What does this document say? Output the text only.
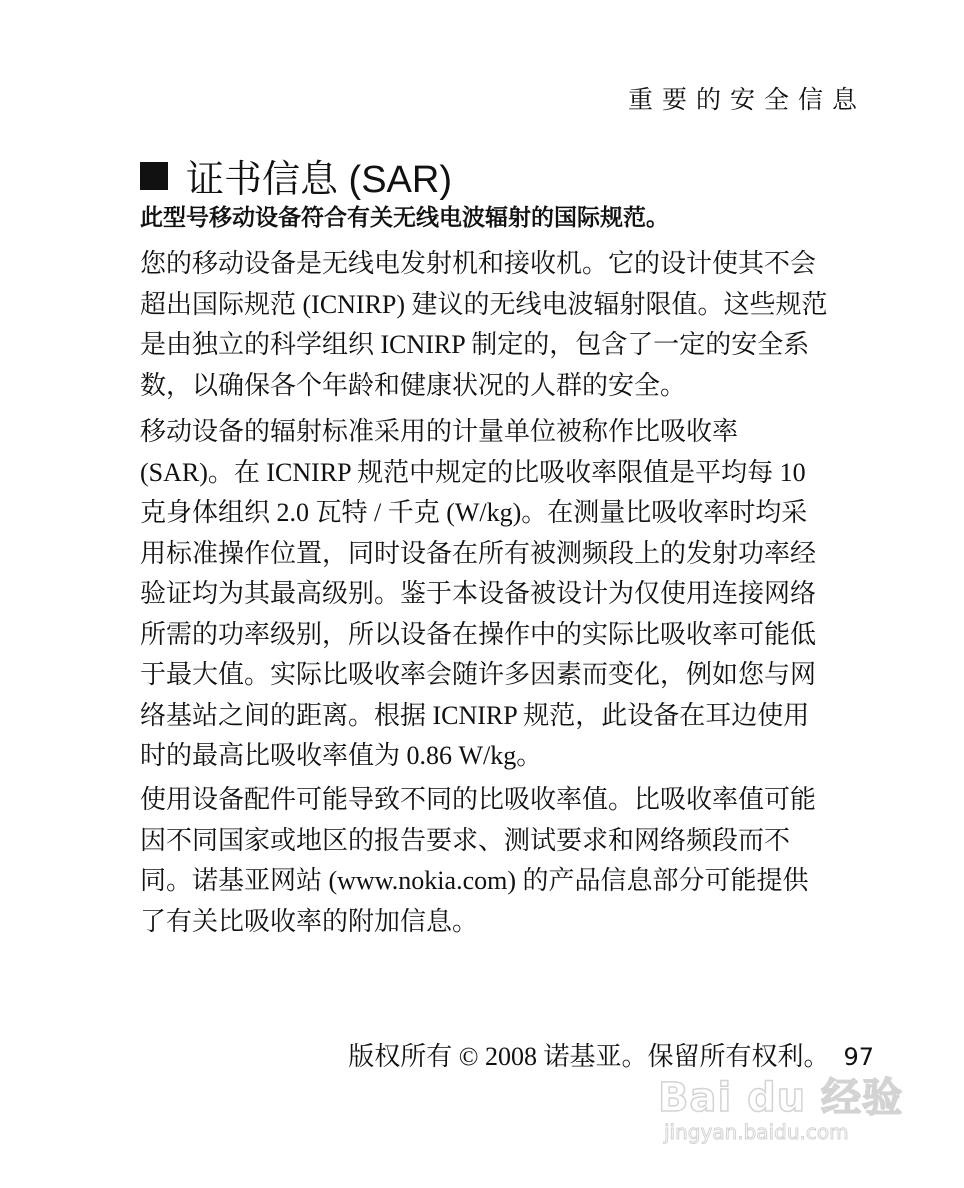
重要的安全信息
证书信息 (SAR)
此型号移动设备符合有关无线电波辐射的国际规范。
您的移动设备是无线电发射机和接收机。它的设计使其不会
超出国际规范 (ICNIRP) 建议的无线电波辐射限值。这些规范
是由独立的科学组织 ICNIRP 制定的，包含了一定的安全系
数，以确保各个年龄和健康状况的人群的安全。
移动设备的辐射标准采用的计量单位被称作比吸收率
(SAR)。在 ICNIRP 规范中规定的比吸收率限值是平均每 10
克身体组织 2.0 瓦特 / 千克 (W/kg)。在测量比吸收率时均采
用标准操作位置，同时设备在所有被测频段上的发射功率经
验证均为其最高级别。鉴于本设备被设计为仅使用连接网络
所需的功率级别，所以设备在操作中的实际比吸收率可能低
于最大值。实际比吸收率会随许多因素而变化，例如您与网
络基站之间的距离。根据 ICNIRP 规范，此设备在耳边使用
时的最高比吸收率值为 0.86 W/kg。
使用设备配件可能导致不同的比吸收率值。比吸收率值可能
因不同国家或地区的报告要求、测试要求和网络频段而不
同。诺基亚网站 (www.nokia.com) 的产品信息部分可能提供
了有关比吸收率的附加信息。
版权所有 © 2008 诺基亚。保留所有权利。 97
Bai du 经验
jingyan.baidu.com
